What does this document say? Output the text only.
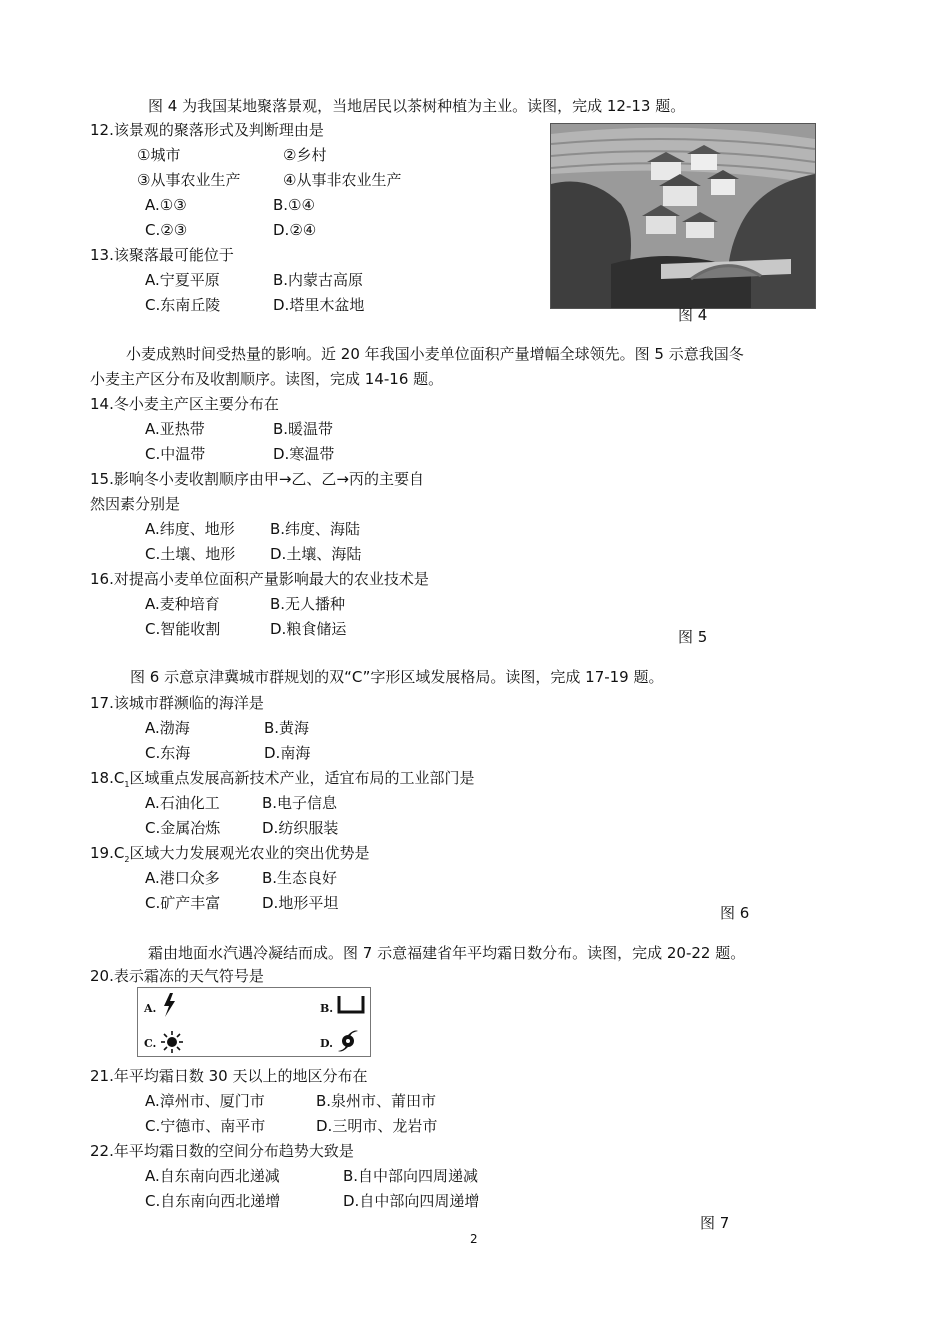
图 4 为我国某地聚落景观，当地居民以茶树种植为主业。读图，完成 12-13 题。
12.该景观的聚落形式及判断理由是
①城市	②乡村
③从事农业生产	④从事非农业生产
A.①③	B.①④
C.②③	D.②④
13.该聚落最可能位于
A.宁夏平原	B.内蒙古高原
C.东南丘陵	D.塔里木盆地
图 4
小麦成熟时间受热量的影响。近 20 年我国小麦单位面积产量增幅全球领先。图 5 示意我国冬
小麦主产区分布及收割顺序。读图，完成 14-16 题。
14.冬小麦主产区主要分布在
A.亚热带	B.暖温带
C.中温带	D.寒温带
15.影响冬小麦收割顺序由甲→乙、乙→丙的主要自
然因素分别是
A.纬度、地形 B.纬度、海陆
C.土壤、地形 D.土壤、海陆
16.对提高小麦单位面积产量影响最大的农业技术是
A.麦种培育	B.无人播种
C.智能收割	D.粮食储运	图 5
图 6 示意京津冀城市群规划的双“C”字形区域发展格局。读图，完成 17-19 题。
17.该城市群濒临的海洋是
A.渤海	B.黄海
C.东海	D.南海
$18.C_1$区域重点发展高新技术产业，适宜布局的工业部门是
A.石油化工	B.电子信息
C.金属冶炼	D.纺织服装
$19.C_2$区域大力发展观光农业的突出优势是
A.港口众多	B.生态良好
C.矿产丰富	D.地形平坦
图 6
霜由地面水汽遇冷凝结而成。图 7 示意福建省年平均霜日数分布。读图，完成 20-22 题。
20.表示霜冻的天气符号是
A.	B.
C.	D.
21.年平均霜日数 30 天以上的地区分布在
A.漳州市、厦门市	B.泉州市、莆田市
C.宁德市、南平市	D.三明市、龙岩市
22.年平均霜日数的空间分布趋势大致是
A.自东南向西北递减	B.自中部向四周递减
C.自东南向西北递增	D.自中部向四周递增
图 7
2
